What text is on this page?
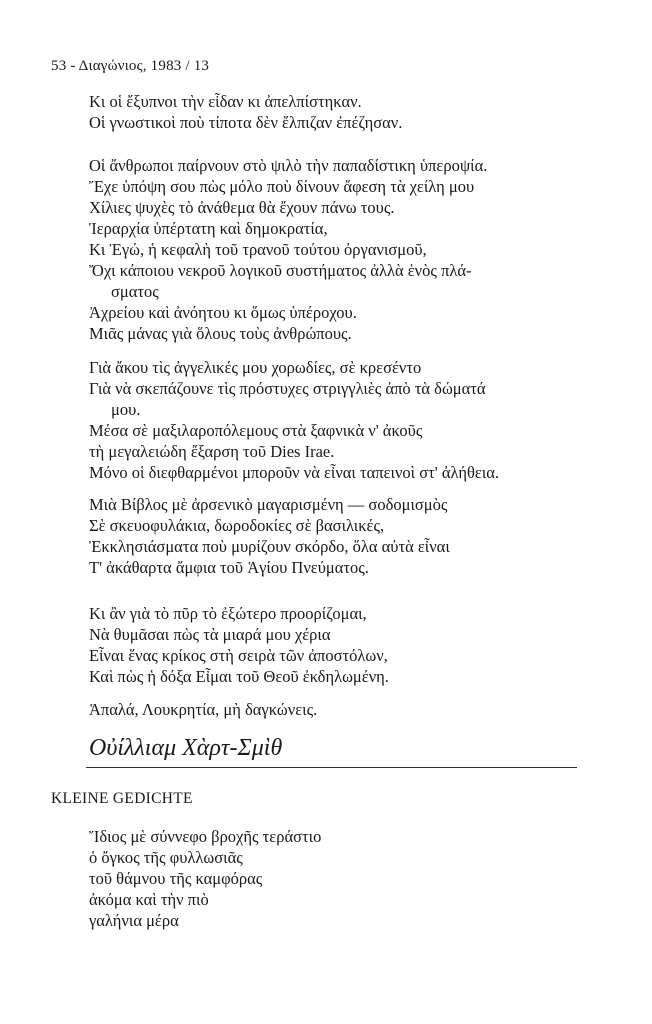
53 - Διαγώνιος, 1983 / 13
Κι οἱ ἔξυπνοι τὴν εἶδαν κι ἀπελπίστηκαν.
Οἱ γνωστικοὶ ποὺ τίποτα δὲν ἔλπιζαν ἐπέζησαν.
Οἱ ἄνθρωποι παίρνουν στὸ ψιλὸ τὴν παπαδίστικη ὑπεροψία.
Ἔχε ὑπόψη σου πὼς μόλο ποὺ δίνουν ἄφεση τὰ χείλη μου
Χίλιες ψυχὲς τὸ ἀνάθεμα θὰ ἔχουν πάνω τους.
Ἱεραρχία ὑπέρτατη καὶ δημοκρατία,
Κι Ἐγώ, ἡ κεφαλὴ τοῦ τρανοῦ τούτου ὀργανισμοῦ,
Ὄχι κάποιου νεκροῦ λογικοῦ συστήματος ἀλλὰ ἑνὸς πλά-
σματος
Ἀχρείου καὶ ἀνόητου κι ὅμως ὑπέροχου.
Μιᾶς μάνας γιὰ ὅλους τοὺς ἀνθρώπους.
Γιὰ ἄκου τὶς ἀγγελικές μου χορωδίες, σὲ κρεσέντο
Γιὰ νὰ σκεπάζουνε τὶς πρόστυχες στριγγλιὲς ἀπὸ τὰ δώματά
μου.
Μέσα σὲ μαξιλαροπόλεμους στὰ ξαφνικὰ ν' ἀκοῦς
τὴ μεγαλειώδη ἔξαρση τοῦ Dies Irae.
Μόνο οἱ διεφθαρμένοι μποροῦν νὰ εἶναι ταπεινοὶ στ' ἀλήθεια.
Μιὰ Βίβλος μὲ ἀρσενικὸ μαγαρισμένη — σοδομισμὸς
Σὲ σκευοφυλάκια, δωροδοκίες σὲ βασιλικές,
Ἐκκλησιάσματα ποὺ μυρίζουν σκόρδο, ὅλα αὐτὰ εἶναι
Τ' ἀκάθαρτα ἄμφια τοῦ Ἁγίου Πνεύματος.
Κι ἂν γιὰ τὸ πῦρ τὸ ἐξώτερο προορίζομαι,
Νὰ θυμᾶσαι πὼς τὰ μιαρά μου χέρια
Εἶναι ἕνας κρίκος στὴ σειρὰ τῶν ἀποστόλων,
Καὶ πὼς ἡ δόξα Εἶμαι τοῦ Θεοῦ ἐκδηλωμένη.
Ἁπαλά, Λουκρητία, μὴ δαγκώνεις.
Οὐίλλιαμ Χὰρτ-Σμὶθ
KLEINE GEDICHTE
Ἴδιος μὲ σύννεφο βροχῆς τεράστιο
ὁ ὄγκος τῆς φυλλωσιᾶς
τοῦ θάμνου τῆς καμφόρας
ἀκόμα καὶ τὴν πιὸ
γαλήνια μέρα
